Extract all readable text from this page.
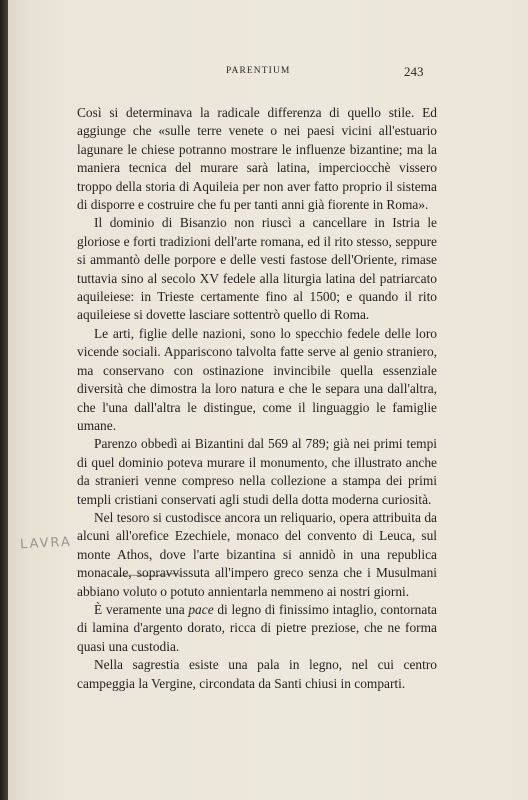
PARENTIUM	243
LAVRA

Così si determinava la radicale differenza di quello stile. Ed aggiunge che «sulle terre venete o nei paesi vicini all'estuario lagunare le chiese potranno mostrare le influenze bizantine; ma la maniera tecnica del murare sarà latina, imperciocchè vissero troppo della storia di Aquileia per non aver fatto proprio il sistema di disporre e costruire che fu per tanti anni già fiorente in Roma».

Il dominio di Bisanzio non riuscì a cancellare in Istria le gloriose e forti tradizioni dell'arte romana, ed il rito stesso, seppure si ammantò delle porpore e delle vesti fastose dell'Oriente, rimase tuttavia sino al secolo XV fedele alla liturgia latina del patriarcato aquileiese: in Trieste certamente fino al 1500; e quando il rito aquileiese si dovette lasciare sottentrò quello di Roma.

Le arti, figlie delle nazioni, sono lo specchio fedele delle loro vicende sociali. Appariscono talvolta fatte serve al genio straniero, ma conservano con ostinazione invincibile quella essenziale diversità che dimostra la loro natura e che le separa una dall'altra, che l'una dall'altra le distingue, come il linguaggio le famiglie umane.

Parenzo obbedì ai Bizantini dal 569 al 789; già nei primi tempi di quel dominio poteva murare il monumento, che illustrato anche da stranieri venne compreso nella collezione a stampa dei primi templi cristiani conservati agli studi della dotta moderna curiosità.

Nel tesoro si custodisce ancora un reliquario, opera attribuita da alcuni all'orefice Ezechiele, monaco del convento di Leuca, sul monte Athos, dove l'arte bizantina si annidò in una republica monacale, sopravvissuta all'impero greco senza che i Musulmani abbiano voluto o potuto annientarla nemmeno ai nostri giorni.

È veramente una pace di legno di finissimo intaglio, contornata di lamina d'argento dorato, ricca di pietre preziose, che ne forma quasi una custodia.

Nella sagrestia esiste una pala in legno, nel cui centro campeggia la Vergine, circondata da Santi chiusi in comparti.
